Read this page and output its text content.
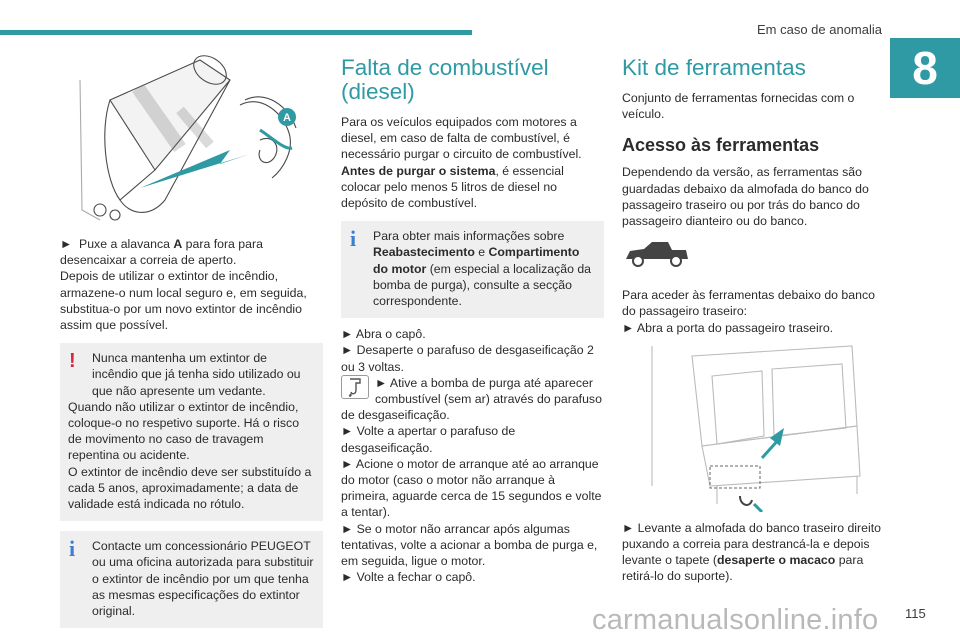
Em caso de anomalia
8
A

► Puxe a alavanca A para fora para desencaixar a correia de aperto.

Depois de utilizar o extintor de incêndio, armazene-o num local seguro e, em seguida, substitua-o por um novo extintor de incêndio assim que possível.

!	Nunca mantenha um extintor de incêndio que já tenha sido utilizado ou que não apresente um vedante.

Quando não utilizar o extintor de incêndio, coloque-o no respetivo suporte. Há o risco de movimento no caso de travagem repentina ou acidente.

O extintor de incêndio deve ser substituído a cada 5 anos, aproximadamente; a data de validade está indicada no rótulo.

i	Contacte um concessionário PEUGEOT ou uma oficina autorizada para substituir o extintor de incêndio por um que tenha as mesmas especificações do extintor original.
Falta de combustível (diesel)

Para os veículos equipados com motores a diesel, em caso de falta de combustível, é necessário purgar o circuito de combustível.

Antes de purgar o sistema, é essencial colocar pelo menos 5 litros de diesel no depósito de combustível.

i	Para obter mais informações sobre Reabastecimento e Compartimento do motor (em especial a localização da bomba de purga), consulte a secção correspondente.

► Abra o capô.

► Desaperte o parafuso de desgaseificação 2 ou 3 voltas.

► Ative a bomba de purga até aparecer combustível (sem ar) através do parafuso de desgaseificação.

► Volte a apertar o parafuso de desgaseificação.

► Acione o motor de arranque até ao arranque do motor (caso o motor não arranque à primeira, aguarde cerca de 15 segundos e volte a tentar).

► Se o motor não arrancar após algumas tentativas, volte a acionar a bomba de purga e, em seguida, ligue o motor.

► Volte a fechar o capô.

Kit de ferramentas

Conjunto de ferramentas fornecidas com o veículo.

Acesso às ferramentas

Dependendo da versão, as ferramentas são guardadas debaixo da almofada do banco do passageiro traseiro ou por trás do banco do passageiro dianteiro ou do banco.

Para aceder às ferramentas debaixo do banco do passageiro traseiro:

► Abra a porta do passageiro traseiro.

► Levante a almofada do banco traseiro direito puxando a correia para destrancá-la e depois levante o tapete (desaperte o macaco para retirá-lo do suporte).

carmanualsonline.info 115
